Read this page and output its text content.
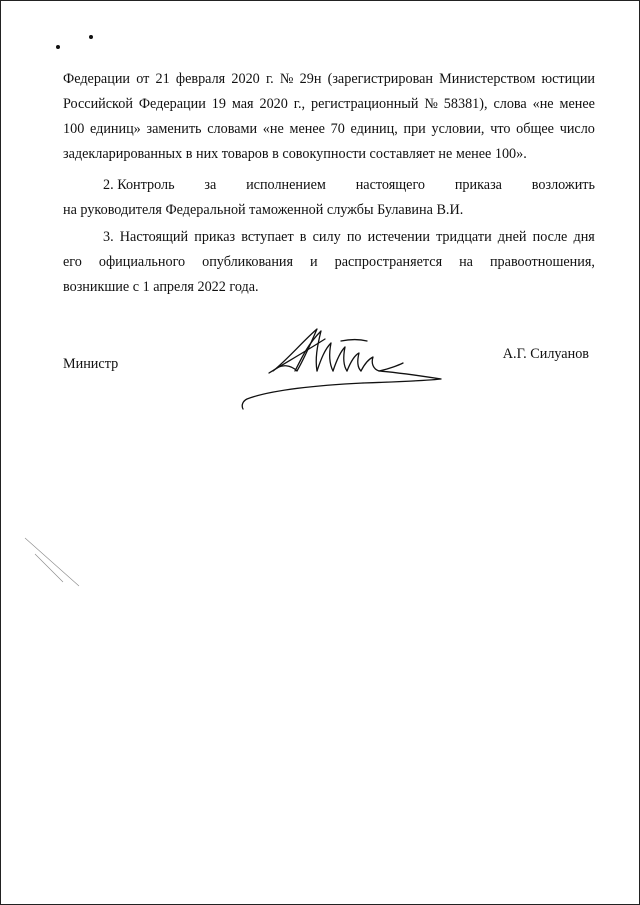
Федерации от 21 февраля 2020 г. № 29н (зарегистрирован Министерством юстиции
Российской Федерации 19 мая 2020 г., регистрационный № 58381), слова «не менее
100 единиц» заменить словами «не менее 70 единиц, при условии, что общее число
задекларированных в них товаров в совокупности составляет не менее 100».
2. Контроль за исполнением настоящего приказа возложить
на руководителя Федеральной таможенной службы Булавина В.И.
3. Настоящий приказ вступает в силу по истечении тридцати дней после дня
его официального опубликования и распространяется на правоотношения,
возникшие с 1 апреля 2022 года.
Министр
А.Г. Силуанов
